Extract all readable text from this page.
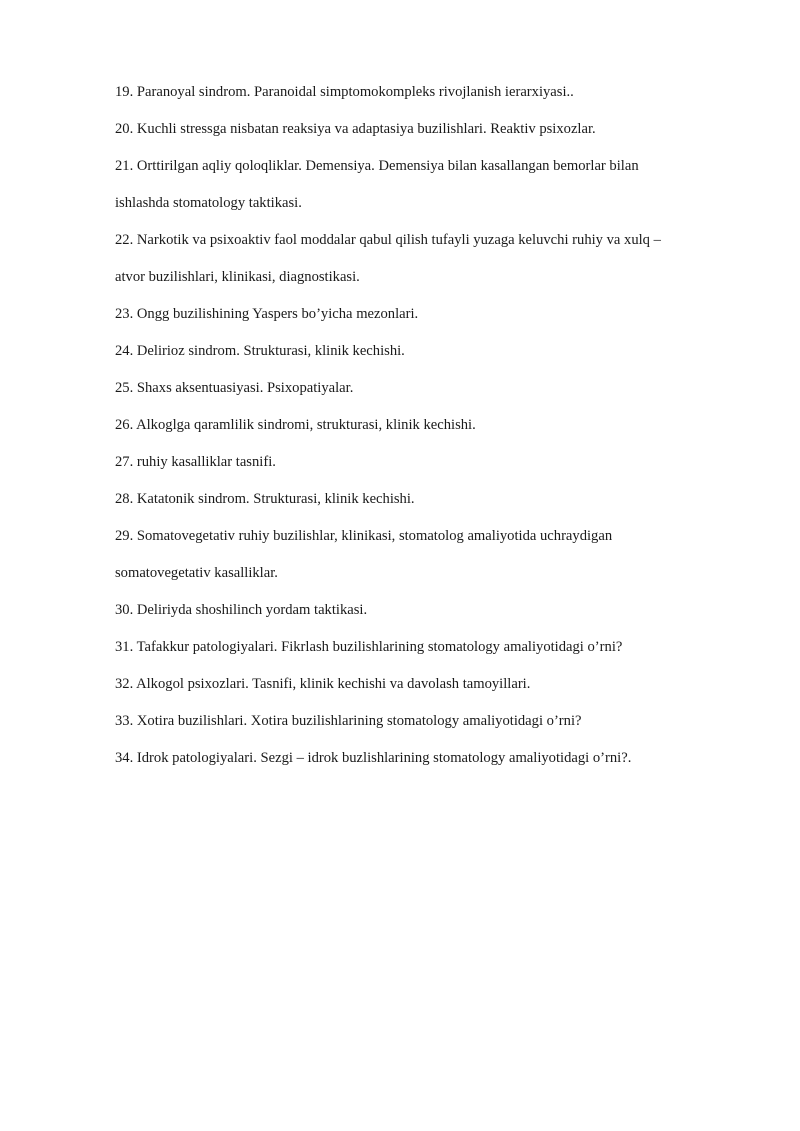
19. Paranoyal sindrom. Paranoidal simptomokompleks rivojlanish ierarxiyasi..
20. Kuchli stressga nisbatan reaksiya va adaptasiya buzilishlari. Reaktiv psixozlar.
21. Orttirilgan aqliy qoloqliklar. Demensiya. Demensiya bilan kasallangan bemorlar bilan
ishlashda stomatology taktikasi.
22. Narkotik va psixoaktiv faol moddalar qabul qilish tufayli yuzaga keluvchi ruhiy va xulq –
atvor buzilishlari, klinikasi, diagnostikasi.
23. Ongg buzilishining Yaspers bo’yicha mezonlari.
24. Delirioz sindrom. Strukturasi, klinik kechishi.
25. Shaxs aksentuasiyasi. Psixopatiyalar.
26. Alkoglga qaramlilik sindromi, strukturasi, klinik kechishi.
27. ruhiy kasalliklar tasnifi.
28. Katatonik sindrom. Strukturasi, klinik kechishi.
29. Somatovegetativ ruhiy buzilishlar, klinikasi, stomatolog amaliyotida uchraydigan
somatovegetativ kasalliklar.
30. Deliriyda shoshilinch yordam taktikasi.
31. Tafakkur patologiyalari. Fikrlash buzilishlarining stomatology amaliyotidagi o’rni?
32. Alkogol psixozlari. Tasnifi, klinik kechishi va davolash tamoyillari.
33. Xotira buzilishlari. Xotira buzilishlarining stomatology amaliyotidagi o’rni?
34. Idrok patologiyalari. Sezgi – idrok buzlishlarining stomatology amaliyotidagi o’rni?.
